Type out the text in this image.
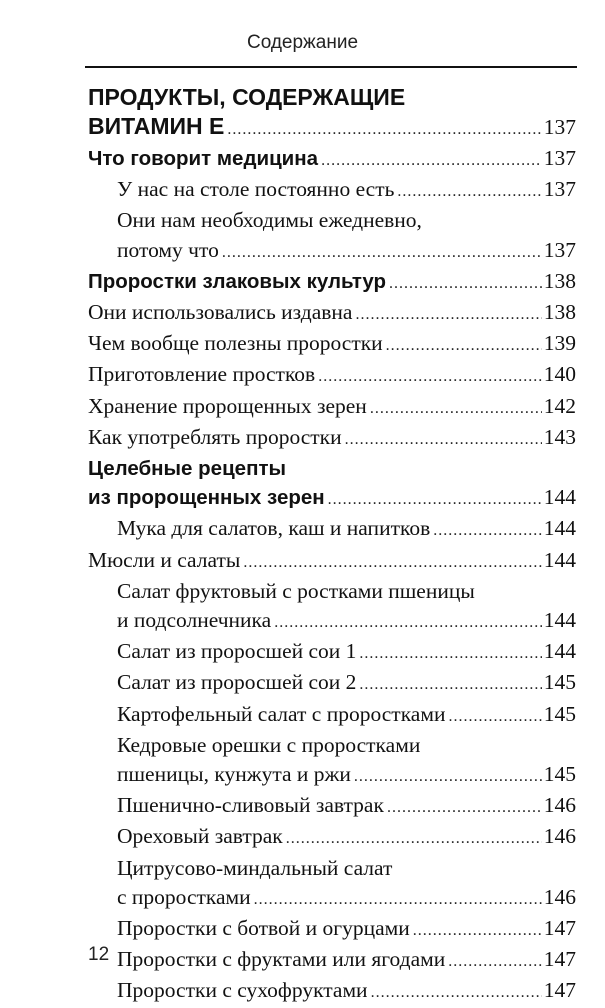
Содержание
ПРОДУКТЫ, СОДЕРЖАЩИЕ
ВИТАМИН Е .....	137
Что говорит медицина .....	137
У нас на столе постоянно есть .....	137
Они нам необходимы ежедневно,
потому что .....	137
Проростки злаковых культур .....	138
Они использовались издавна .....	138
Чем вообще полезны проростки .....	139
Приготовление простков .....	140
Хранение пророщенных зерен .....	142
Как употреблять проростки .....	143
Целебные рецепты
из пророщенных зерен .....	144
Мука для салатов, каш и напитков .....	144
Мюсли и салаты .....	144
Салат фруктовый с ростками пшеницы
и подсолнечника .....	144
Салат из проросшей сои 1 .....	144
Салат из проросшей сои 2 .....	145
Картофельный салат с проростками .....	145
Кедровые орешки с проростками
пшеницы, кунжута и ржи .....	145
Пшенично-сливовый завтрак .....	146
Ореховый завтрак .....	146
Цитрусово-миндальный салат
с проростками .....	146
Проростки с ботвой и огурцами .....	147
Проростки с фруктами или ягодами .....	147
Проростки с сухофруктами .....	147
12
